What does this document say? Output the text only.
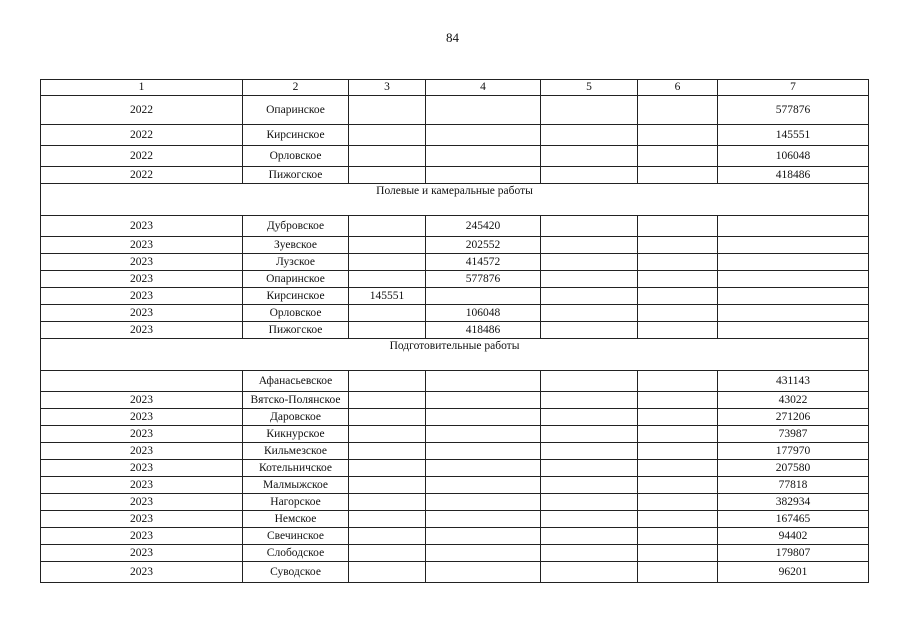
84
1	2	3	4	5	6	7
2022	Опаринское					577876
2022	Кирсинское					145551
2022	Орловское					106048
2022	Пижогское					418486
Полевые и камеральные работы						
2023	Дубровское		245420			
2023	Зуевское		202552			
2023	Лузское		414572			
2023	Опаринское		577876			
2023	Кирсинское	145551				
2023	Орловское		106048			
2023	Пижогское		418486			
Подготовительные работы						
	Афанасьевское					431143
2023	Вятско-Полянское					43022
2023	Даровское					271206
2023	Кикнурское					73987
2023	Кильмезское					177970
2023	Котельничское					207580
2023	Малмыжское					77818
2023	Нагорское					382934
2023	Немское					167465
2023	Свечинское					94402
2023	Слободское					179807
2023	Суводское					96201
